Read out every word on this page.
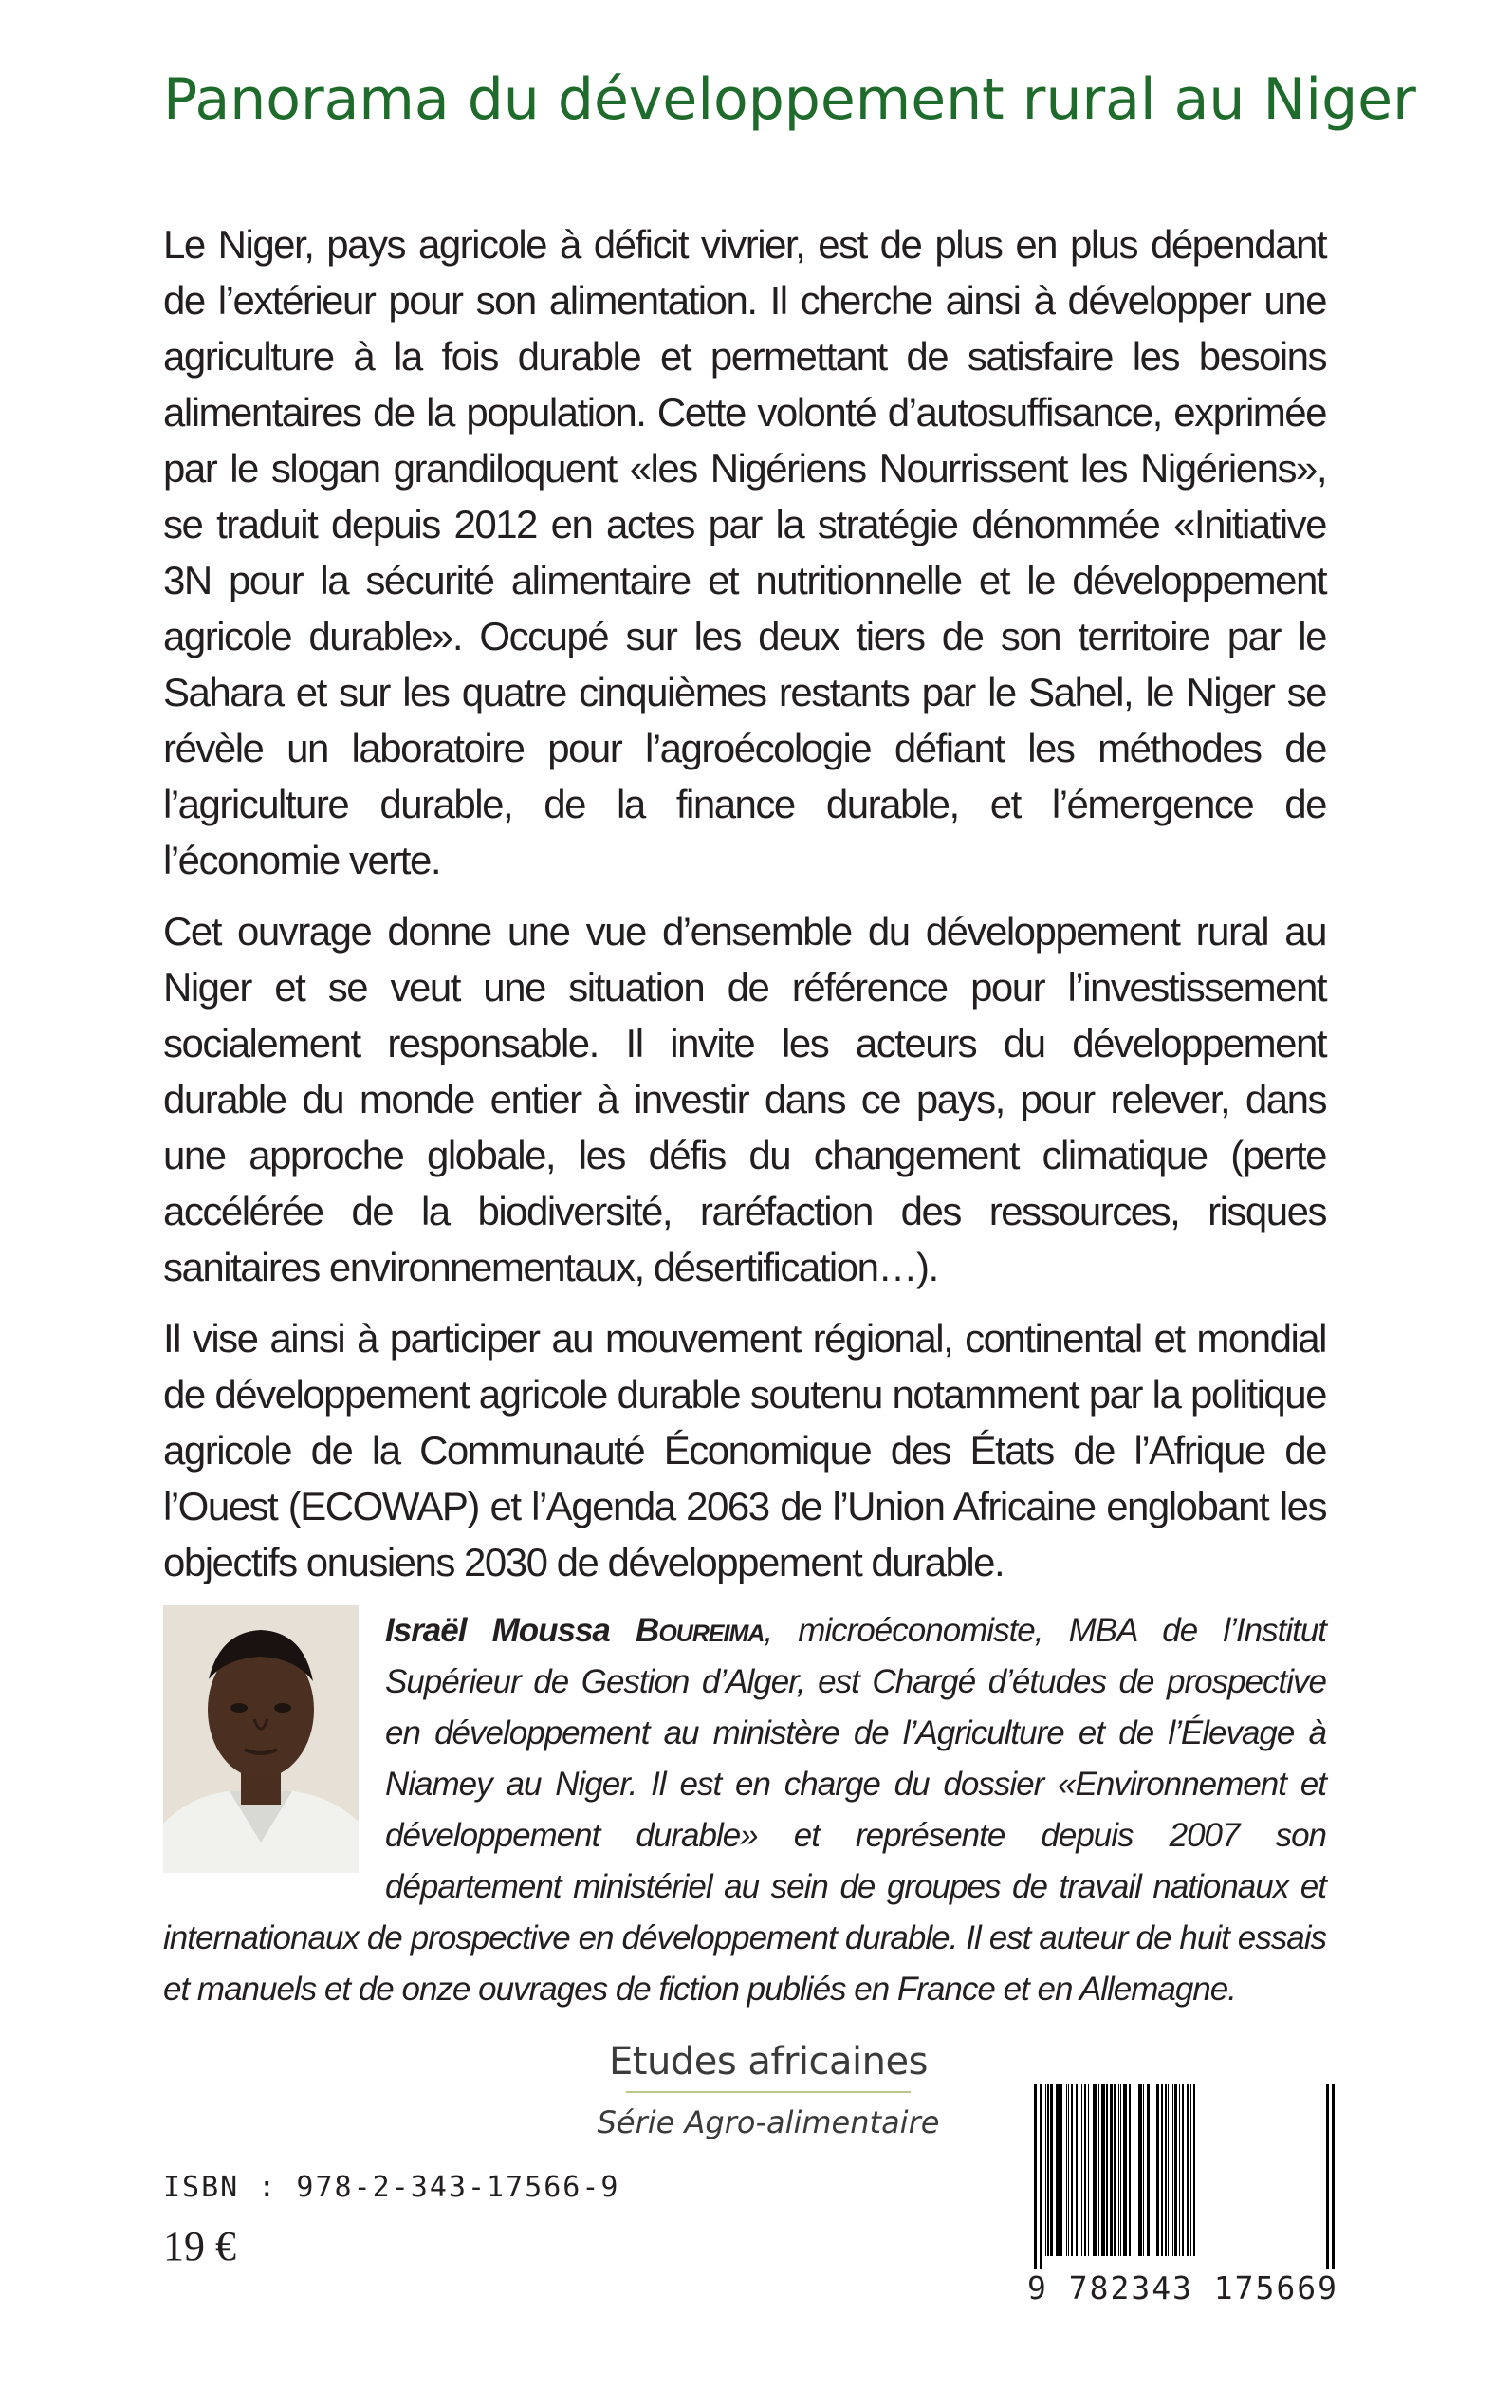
Panorama du développement rural au Niger

Le Niger, pays agricole à déficit vivrier, est de plus en plus dépendant de l’extérieur pour son alimentation. Il cherche ainsi à développer une agriculture à la fois durable et permettant de satisfaire les besoins alimentaires de la population. Cette volonté d’autosuffisance, exprimée par le slogan grandiloquent «les Nigériens Nourrissent les Nigériens», se traduit depuis 2012 en actes par la stratégie dénommée «Initiative 3N pour la sécurité alimentaire et nutritionnelle et le développement agricole durable». Occupé sur les deux tiers de son territoire par le Sahara et sur les quatre cinquièmes restants par le Sahel, le Niger se révèle un laboratoire pour l’agroécologie défiant les méthodes de l’agriculture durable, de la finance durable, et l’émergence de l’économie verte.

Cet ouvrage donne une vue d’ensemble du développement rural au Niger et se veut une situation de référence pour l’investissement socialement responsable. Il invite les acteurs du développement durable du monde entier à investir dans ce pays, pour relever, dans une approche globale, les défis du changement climatique (perte accélérée de la biodiversité, raréfaction des ressources, risques sanitaires environnementaux, désertification…).

Il vise ainsi à participer au mouvement régional, continental et mondial de développement agricole durable soutenu notamment par la politique agricole de la Communauté Économique des États de l’Afrique de l’Ouest (ECOWAP) et l’Agenda 2063 de l’Union Africaine englobant les objectifs onusiens 2030 de développement durable.

Israël Moussa Boureima, microéconomiste, MBA de l’Institut Supérieur de Gestion d’Alger, est Chargé d’études de prospective en développement au ministère de l’Agriculture et de l’Élevage à Niamey au Niger. Il est en charge du dossier «Environnement et développement durable» et représente depuis 2007 son département ministériel au sein de groupes de travail nationaux et internationaux de prospective en développement durable. Il est auteur de huit essais et manuels et de onze ouvrages de fiction publiés en France et en Allemagne.
Etudes africaines
Série Agro-alimentaire
ISBN : 978-2-343-17566-9
19 €
9 782343 175669
